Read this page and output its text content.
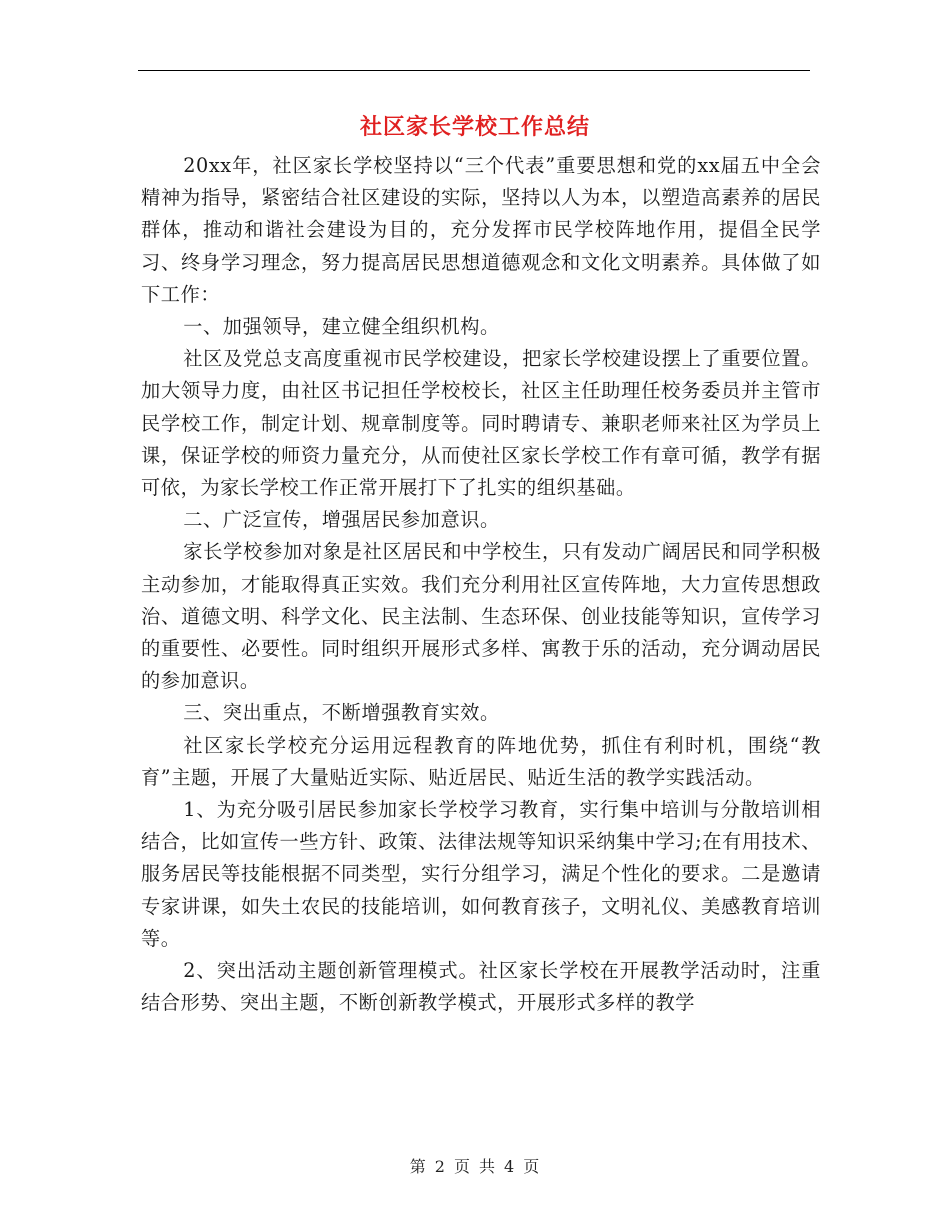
社区家长学校工作总结

20xx年，社区家长学校坚持以“三个代表”重要思想和党的xx届五中全会精神为指导，紧密结合社区建设的实际，坚持以人为本，以塑造高素养的居民群体，推动和谐社会建设为目的，充分发挥市民学校阵地作用，提倡全民学习、终身学习理念，努力提高居民思想道德观念和文化文明素养。具体做了如下工作：

一、加强领导，建立健全组织机构。

社区及党总支高度重视市民学校建设，把家长学校建设摆上了重要位置。加大领导力度，由社区书记担任学校校长，社区主任助理任校务委员并主管市民学校工作，制定计划、规章制度等。同时聘请专、兼职老师来社区为学员上课，保证学校的师资力量充分，从而使社区家长学校工作有章可循，教学有据可依，为家长学校工作正常开展打下了扎实的组织基础。

二、广泛宣传，增强居民参加意识。

家长学校参加对象是社区居民和中学校生，只有发动广阔居民和同学积极主动参加，才能取得真正实效。我们充分利用社区宣传阵地，大力宣传思想政治、道德文明、科学文化、民主法制、生态环保、创业技能等知识，宣传学习的重要性、必要性。同时组织开展形式多样、寓教于乐的活动，充分调动居民的参加意识。

三、突出重点，不断增强教育实效。

社区家长学校充分运用远程教育的阵地优势，抓住有利时机，围绕“教育”主题，开展了大量贴近实际、贴近居民、贴近生活的教学实践活动。

1、为充分吸引居民参加家长学校学习教育，实行集中培训与分散培训相结合，比如宣传一些方针、政策、法律法规等知识采纳集中学习;在有用技术、服务居民等技能根据不同类型，实行分组学习，满足个性化的要求。二是邀请专家讲课，如失土农民的技能培训，如何教育孩子，文明礼仪、美感教育培训等。

2、突出活动主题创新管理模式。社区家长学校在开展教学活动时，注重结合形势、突出主题，不断创新教学模式，开展形式多样的教学

第 2 页 共 4 页
